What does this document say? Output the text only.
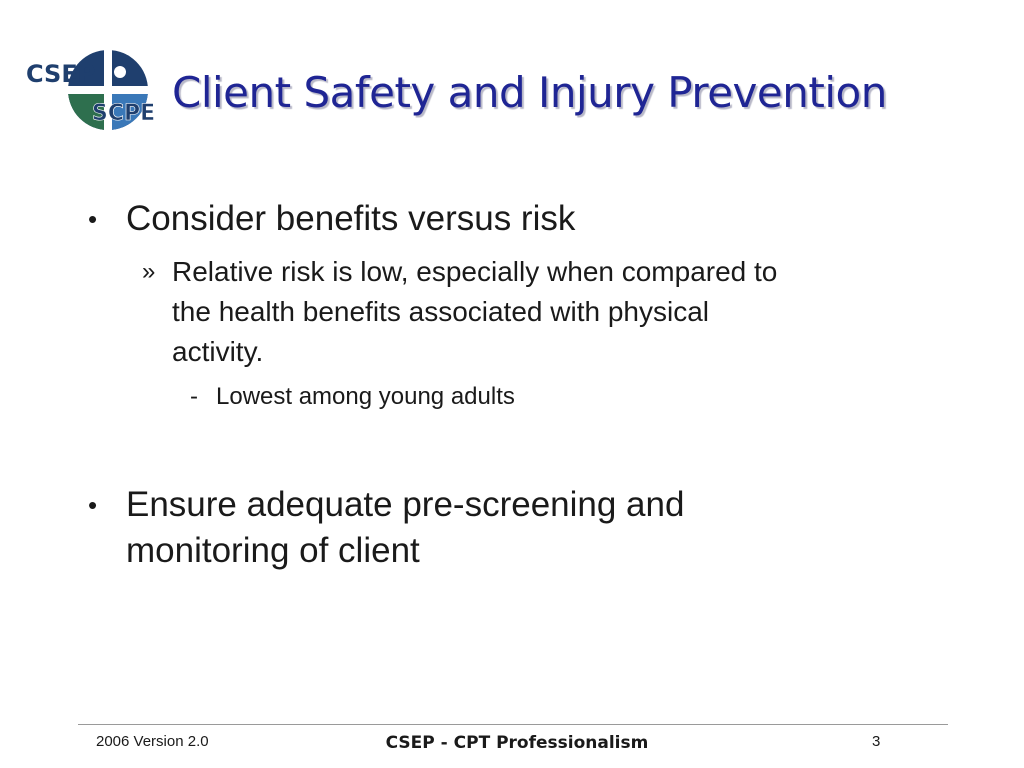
CSEP
SCPE Client Safety and Injury Prevention
• Consider benefits versus risk
» Relative risk is low, especially when compared to
the health benefits associated with physical
activity.
- Lowest among young adults
• Ensure adequate pre-screening and
monitoring of client
2006 Version 2.0	CSEP - CPT Professionalism	3
